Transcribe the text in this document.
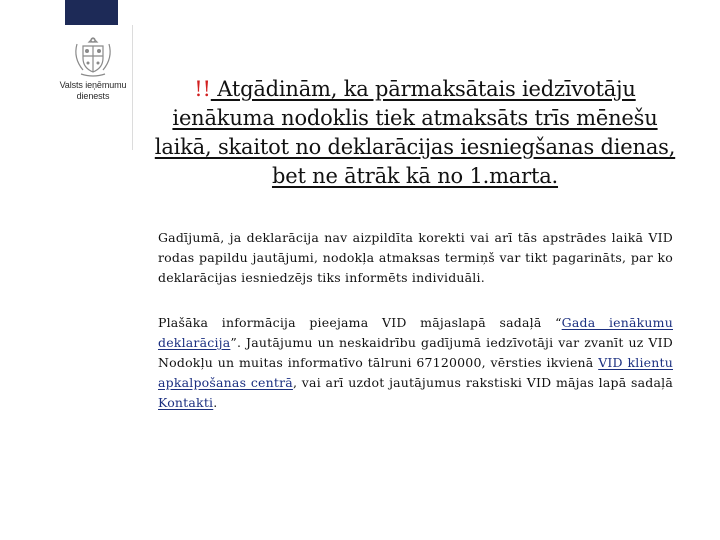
Valsts ieņēmumu
dienests	!! Atgādinām, ka pārmaksātais iedzīvotāju ienākuma nodoklis tiek atmaksāts trīs mēnešu laikā, skaitot no deklarācijas iesniegšanas dienas, bet ne ātrāk kā no 1.marta.

Gadījumā, ja deklarācija nav aizpildīta korekti vai arī tās apstrādes laikā VID rodas papildu jautājumi, nodokļa atmaksas termiņš var tikt pagarināts, par ko deklarācijas iesniedzējs tiks informēts individuāli.

Plašāka informācija pieejama VID mājaslapā sadaļā “Gada ienākumu deklarācija”. Jautājumu un neskaidrību gadījumā iedzīvotāji var zvanīt uz VID Nodokļu un muitas informatīvo tālruni 67120000, vērsties ikvienā VID klientu apkalpošanas centrā, vai arī uzdot jautājumus rakstiski VID mājas lapā sadaļā Kontakti.
